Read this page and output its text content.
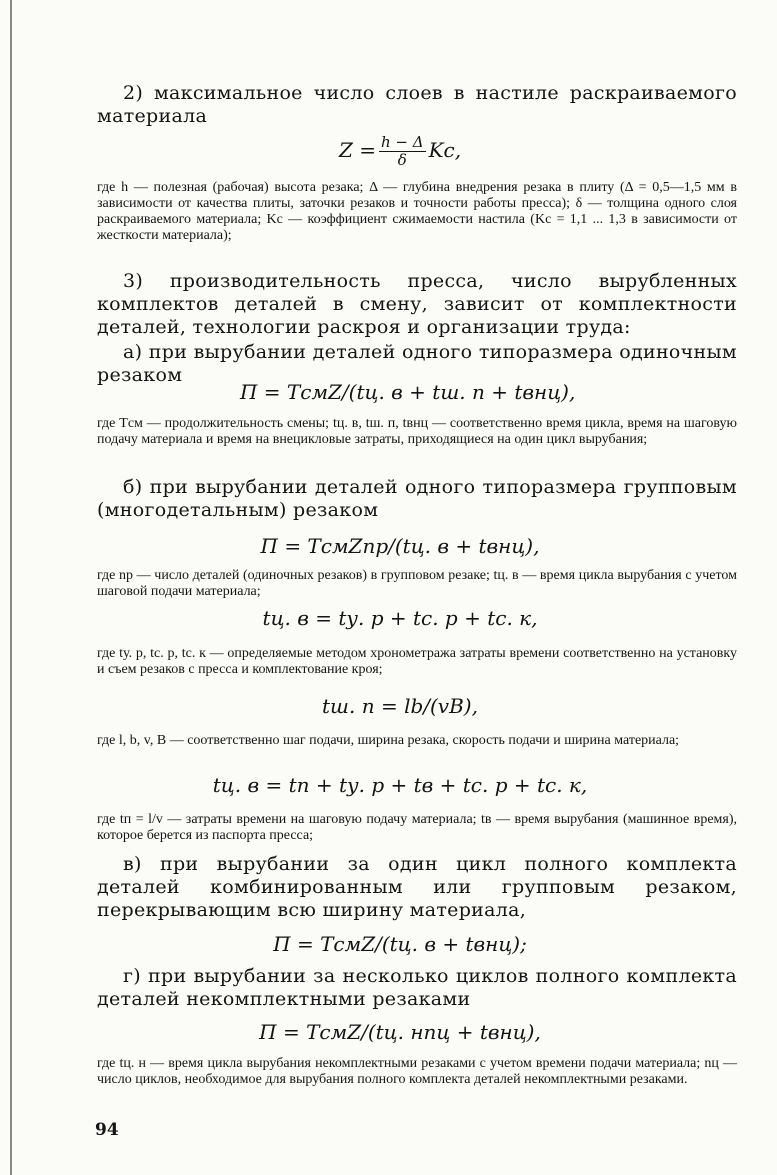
2) максимальное число слоев в настиле раскраиваемого материала

$Z = \frac{h - \Delta}{\delta}$ Kс,

где h — полезная (рабочая) высота резака; Δ — глубина внедрения резака в плиту (Δ = 0,5—1,5 мм в зависимости от качества плиты, заточки резаков и точности работы пресса); δ — толщина одного слоя раскраиваемого материала; Kс — коэффициент сжимаемости настила (Kс = 1,1 ... 1,3 в зависимости от жесткости материала);

3) производительность пресса, число вырубленных комплектов деталей в смену, зависит от комплектности деталей, технологии раскроя и организации труда:

а) при вырубании деталей одного типоразмера одиночным резаком

П = TсмZ/(tц. в + tш. п + tвнц),

где Tсм — продолжительность смены; tц. в, tш. п, tвнц — соответственно время цикла, время на шаговую подачу материала и время на внецикловые затраты, приходящиеся на один цикл вырубания;

б) при вырубании деталей одного типоразмера групповым (многодетальным) резаком

П = TсмZnр/(tц. в + tвнц),

где nр — число деталей (одиночных резаков) в групповом резаке; tц. в — время цикла вырубания с учетом шаговой подачи материала;

tц. в = tу. р + tс. р + tс. к,

где tу. р, tс. р, tс. к — определяемые методом хронометража затраты времени соответственно на установку и съем резаков с пресса и комплектование кроя;

tш. п = lb/(vB),

где l, b, v, B — соответственно шаг подачи, ширина резака, скорость подачи и ширина материала;

tц. в = tп + tу. р + tв + tс. р + tс. к,

где tп = l/v — затраты времени на шаговую подачу материала; tв — время вырубания (машинное время), которое берется из паспорта пресса;

в) при вырубании за один цикл полного комплекта деталей комбинированным или групповым резаком, перекрывающим всю ширину материала,

П = TсмZ/(tц. в + tвнц);

г) при вырубании за несколько циклов полного комплекта деталей некомплектными резаками

П = TсмZ/(tц. нnц + tвнц),

где tц. н — время цикла вырубания некомплектными резаками с учетом времени подачи материала; nц — число циклов, необходимое для вырубания полного комплекта деталей некомплектными резаками.

94
